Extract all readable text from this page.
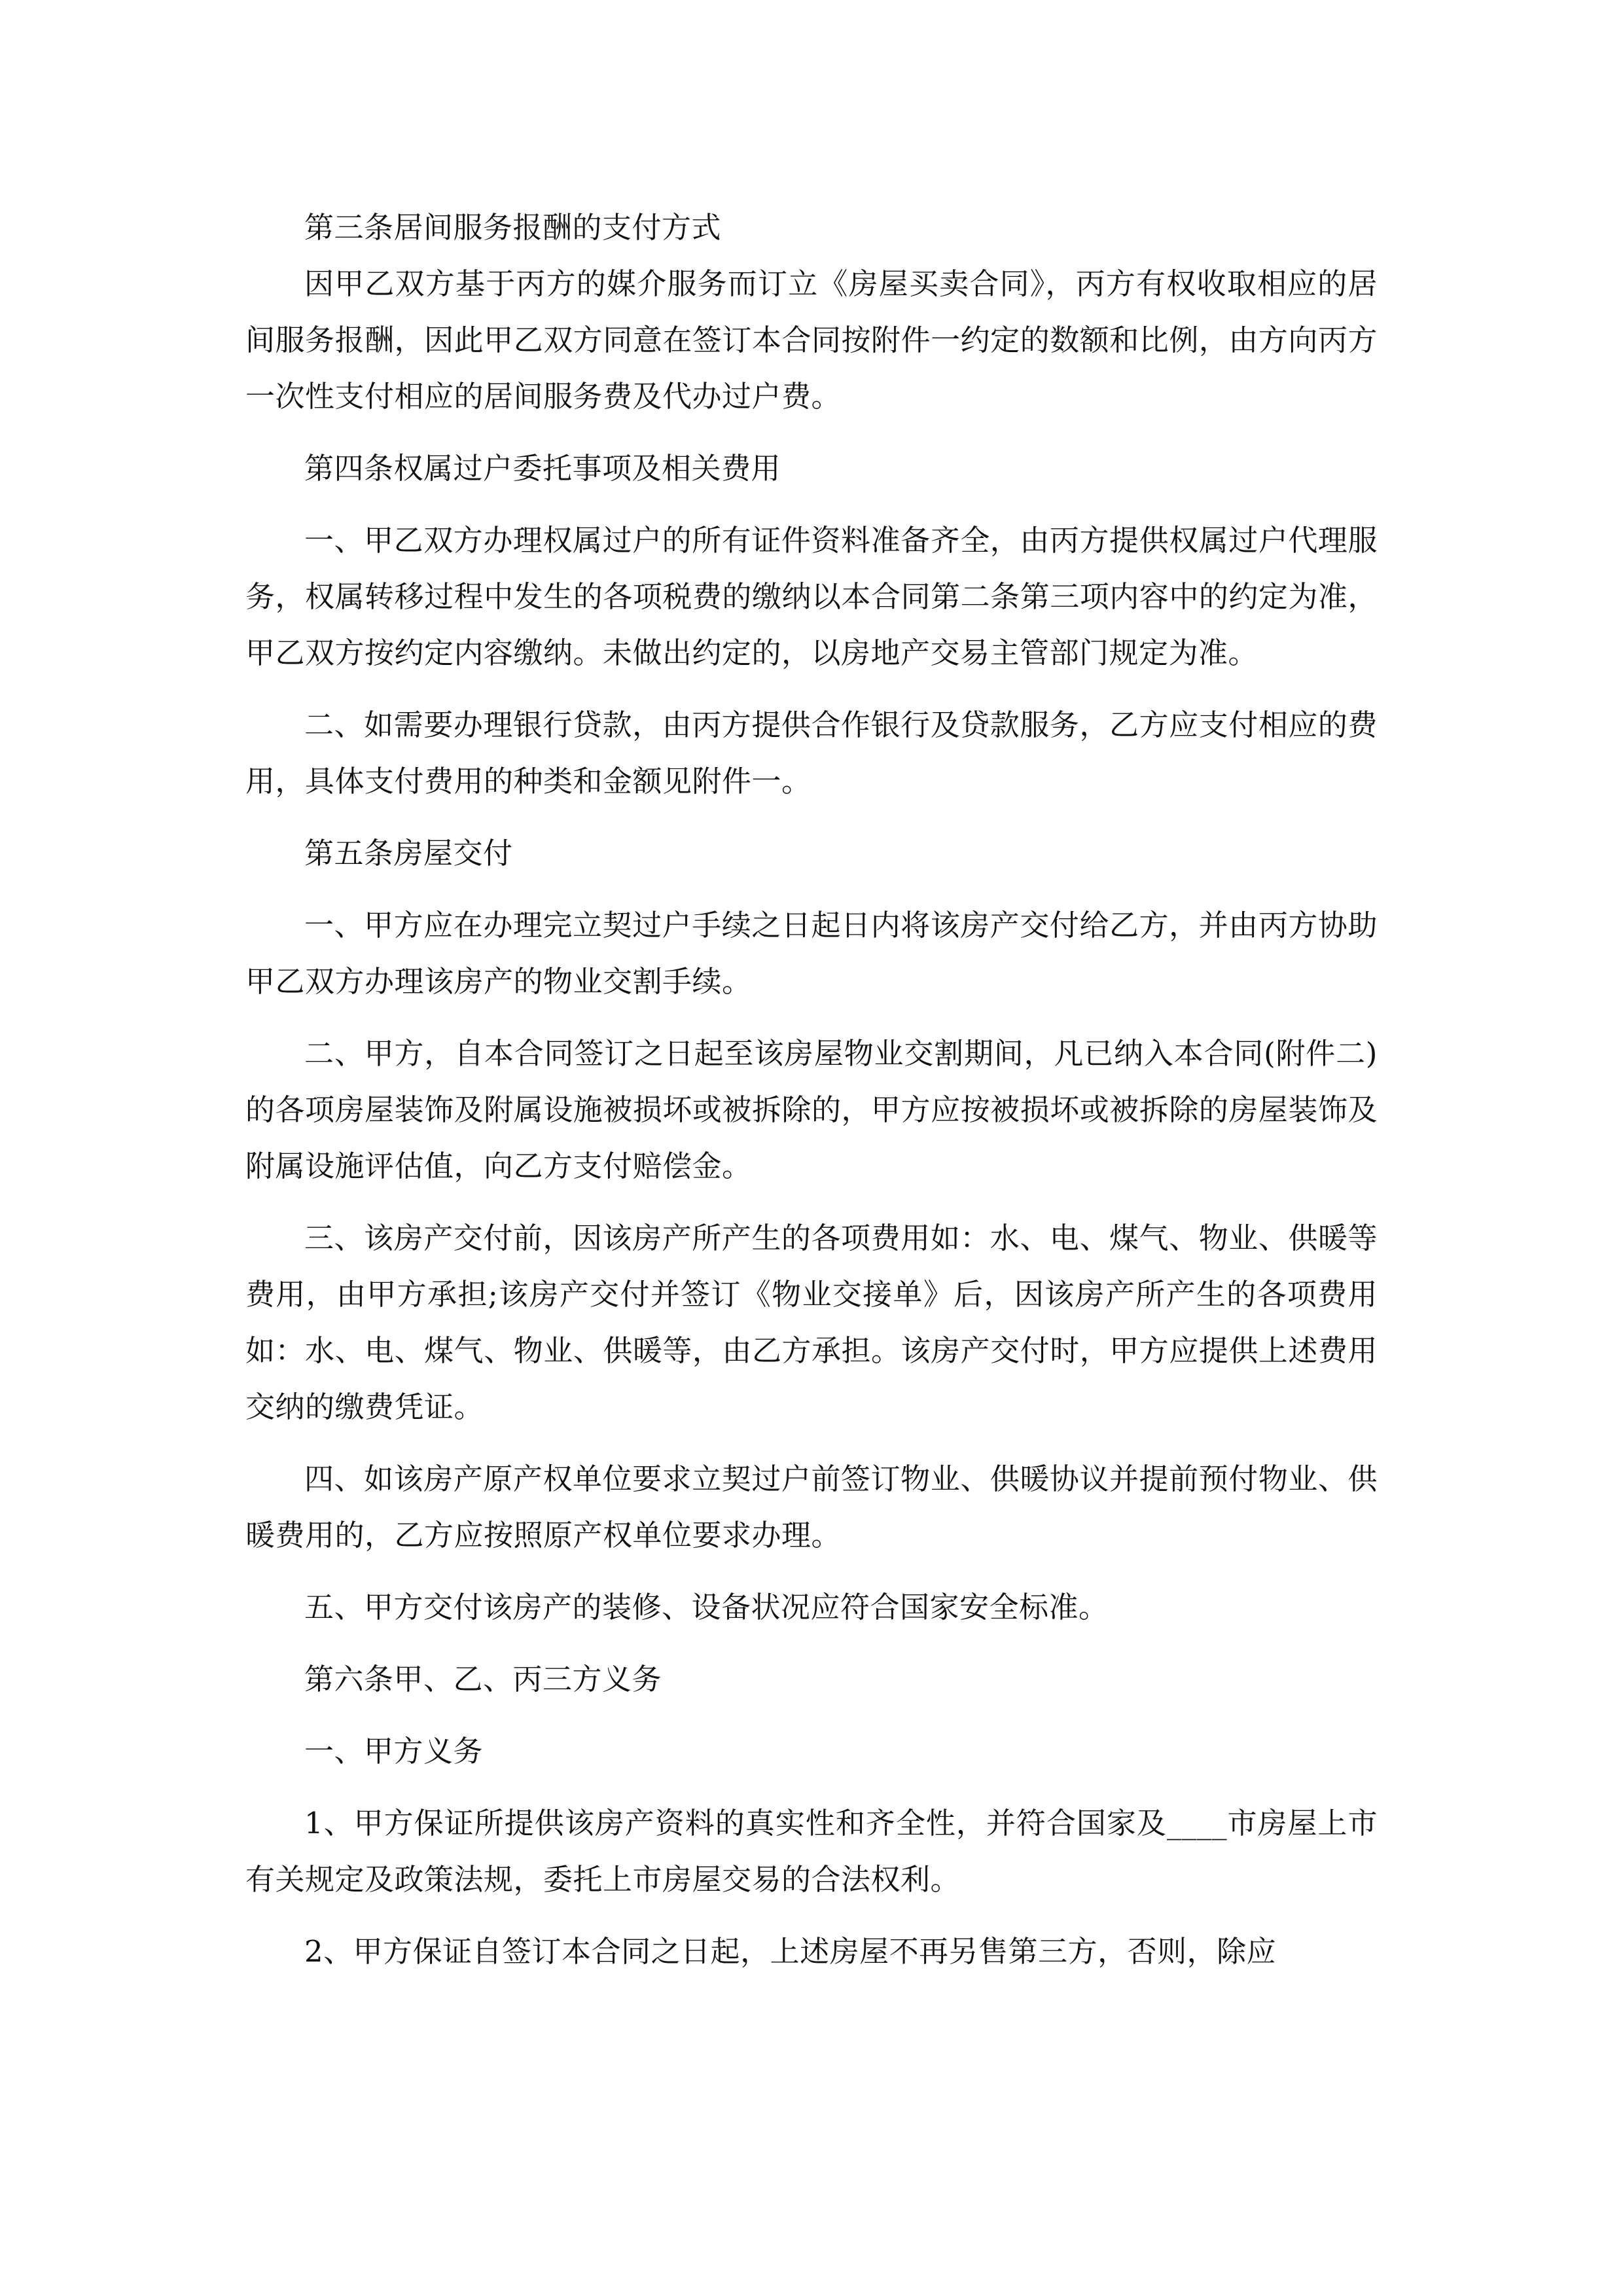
第三条居间服务报酬的支付方式

因甲乙双方基于丙方的媒介服务而订立《房屋买卖合同》，丙方有权收取相应的居间服务报酬，因此甲乙双方同意在签订本合同按附件一约定的数额和比例，由方向丙方一次性支付相应的居间服务费及代办过户费。

第四条权属过户委托事项及相关费用

一、甲乙双方办理权属过户的所有证件资料准备齐全，由丙方提供权属过户代理服务，权属转移过程中发生的各项税费的缴纳以本合同第二条第三项内容中的约定为准，甲乙双方按约定内容缴纳。未做出约定的，以房地产交易主管部门规定为准。

二、如需要办理银行贷款，由丙方提供合作银行及贷款服务，乙方应支付相应的费用，具体支付费用的种类和金额见附件一。

第五条房屋交付

一、甲方应在办理完立契过户手续之日起日内将该房产交付给乙方，并由丙方协助甲乙双方办理该房产的物业交割手续。

二、甲方，自本合同签订之日起至该房屋物业交割期间，凡已纳入本合同(附件二)的各项房屋装饰及附属设施被损坏或被拆除的，甲方应按被损坏或被拆除的房屋装饰及附属设施评估值，向乙方支付赔偿金。

三、该房产交付前，因该房产所产生的各项费用如：水、电、煤气、物业、供暖等费用，由甲方承担;该房产交付并签订《物业交接单》后，因该房产所产生的各项费用如：水、电、煤气、物业、供暖等，由乙方承担。该房产交付时，甲方应提供上述费用交纳的缴费凭证。

四、如该房产原产权单位要求立契过户前签订物业、供暖协议并提前预付物业、供暖费用的，乙方应按照原产权单位要求办理。

五、甲方交付该房产的装修、设备状况应符合国家安全标准。

第六条甲、乙、丙三方义务

一、甲方义务

1、甲方保证所提供该房产资料的真实性和齐全性，并符合国家及____市房屋上市有关规定及政策法规，委托上市房屋交易的合法权利。

2、甲方保证自签订本合同之日起，上述房屋不再另售第三方，否则，除应
